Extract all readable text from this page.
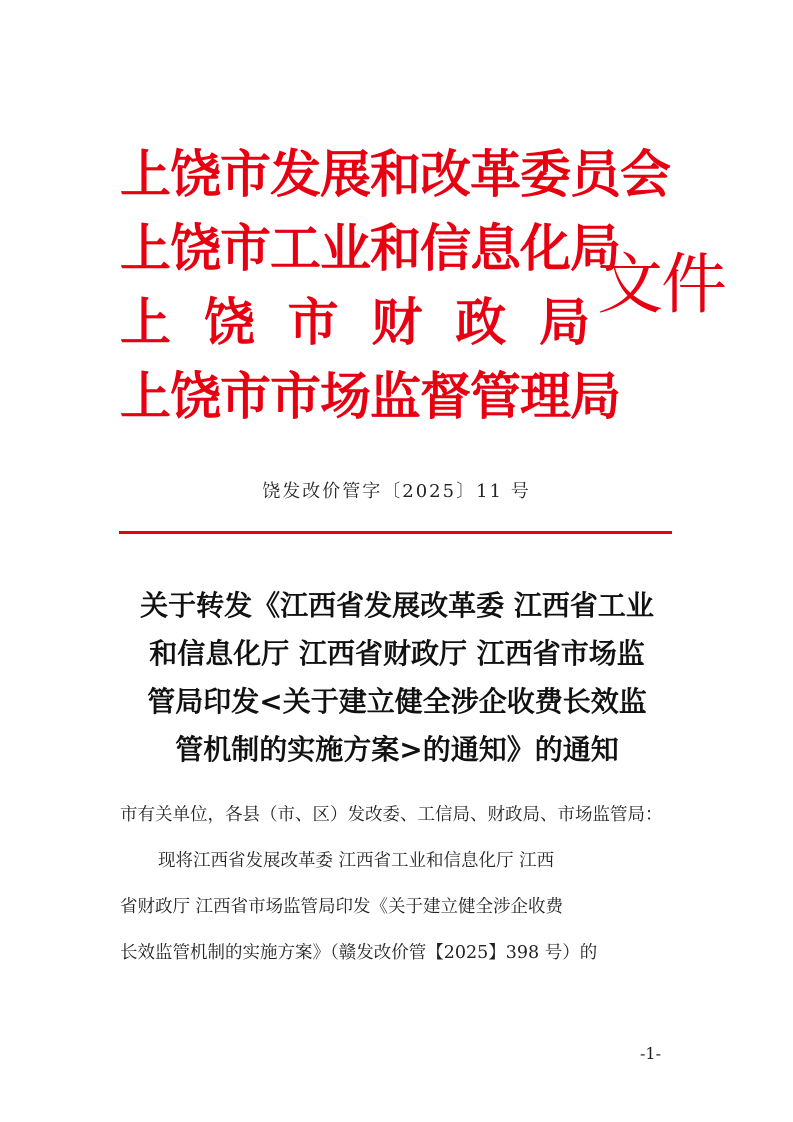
上饶市发展和改革委员会
上饶市工业和信息化局
上 饶 市 财 政 局
上饶市市场监督管理局
文件
饶发改价管字〔2025〕11 号
关于转发《江西省发展改革委 江西省工业
和信息化厅 江西省财政厅 江西省市场监
管局印发<关于建立健全涉企收费长效监
管机制的实施方案>的通知》的通知
市有关单位，各县（市、区）发改委、工信局、财政局、市场监管局：
现将江西省发展改革委 江西省工业和信息化厅 江西
省财政厅 江西省市场监管局印发《关于建立健全涉企收费
长效监管机制的实施方案》（赣发改价管【2025】398 号）的
-1-
